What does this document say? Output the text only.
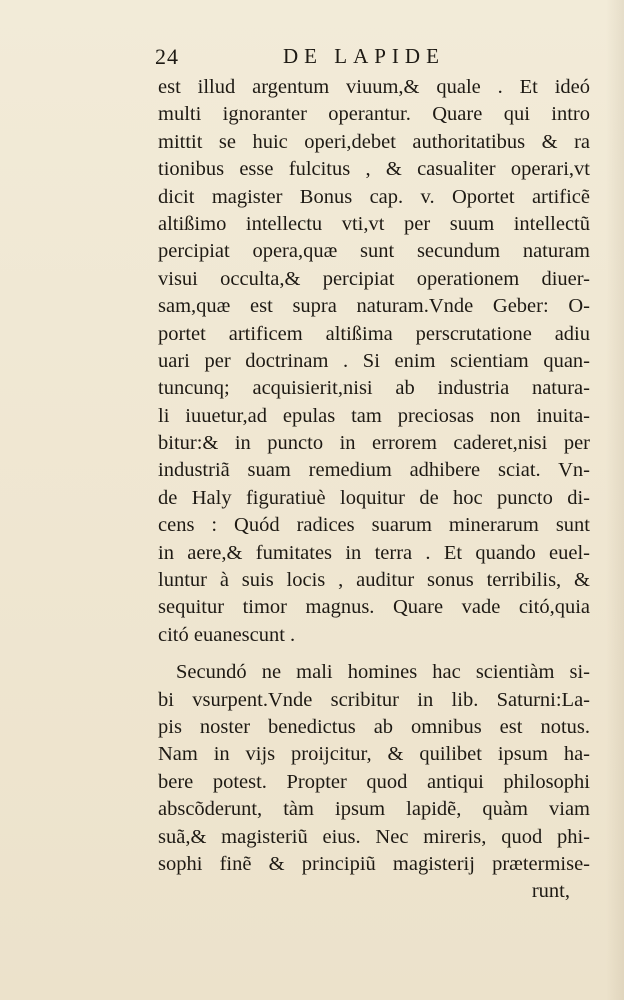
24	DE LAPIDE
est illud argentum viuum,& quale . Et ideó
multi ignoranter operantur. Quare qui intro
mittit se huic operi,debet authoritatibus & ra
tionibus esse fulcitus , & casualiter operari,vt
dicit magister Bonus cap. v. Oportet artificẽ
altißimo intellectu vti,vt per suum intellectũ
percipiat opera,quæ sunt secundum naturam
visui occulta,& percipiat operationem diuer-
sam,quæ est supra naturam.Vnde Geber: O-
portet artificem altißima perscrutatione adiu
uari per doctrinam . Si enim scientiam quan-
tuncunq; acquisierit,nisi ab industria natura-
li iuuetur,ad epulas tam preciosas non inuita-
bitur:& in puncto in errorem caderet,nisi per
industriã suam remedium adhibere sciat. Vn-
de Haly figuratiuè loquitur de hoc puncto di-
cens : Quód radices suarum minerarum sunt
in aere,& fumitates in terra . Et quando euel-
luntur à suis locis , auditur sonus terribilis, &
sequitur timor magnus. Quare vade citó,quia
citó euanescunt .
Secundó ne mali homines hac scientiàm si-
bi vsurpent.Vnde scribitur in lib. Saturni:La-
pis noster benedictus ab omnibus est notus.
Nam in vijs proijcitur, & quilibet ipsum ha-
bere potest. Propter quod antiqui philosophi
abscõderunt, tàm ipsum lapidẽ, quàm viam
suã,& magisteriũ eius. Nec mireris, quod phi-
sophi finẽ & principiũ magisterij prætermise-
runt,
